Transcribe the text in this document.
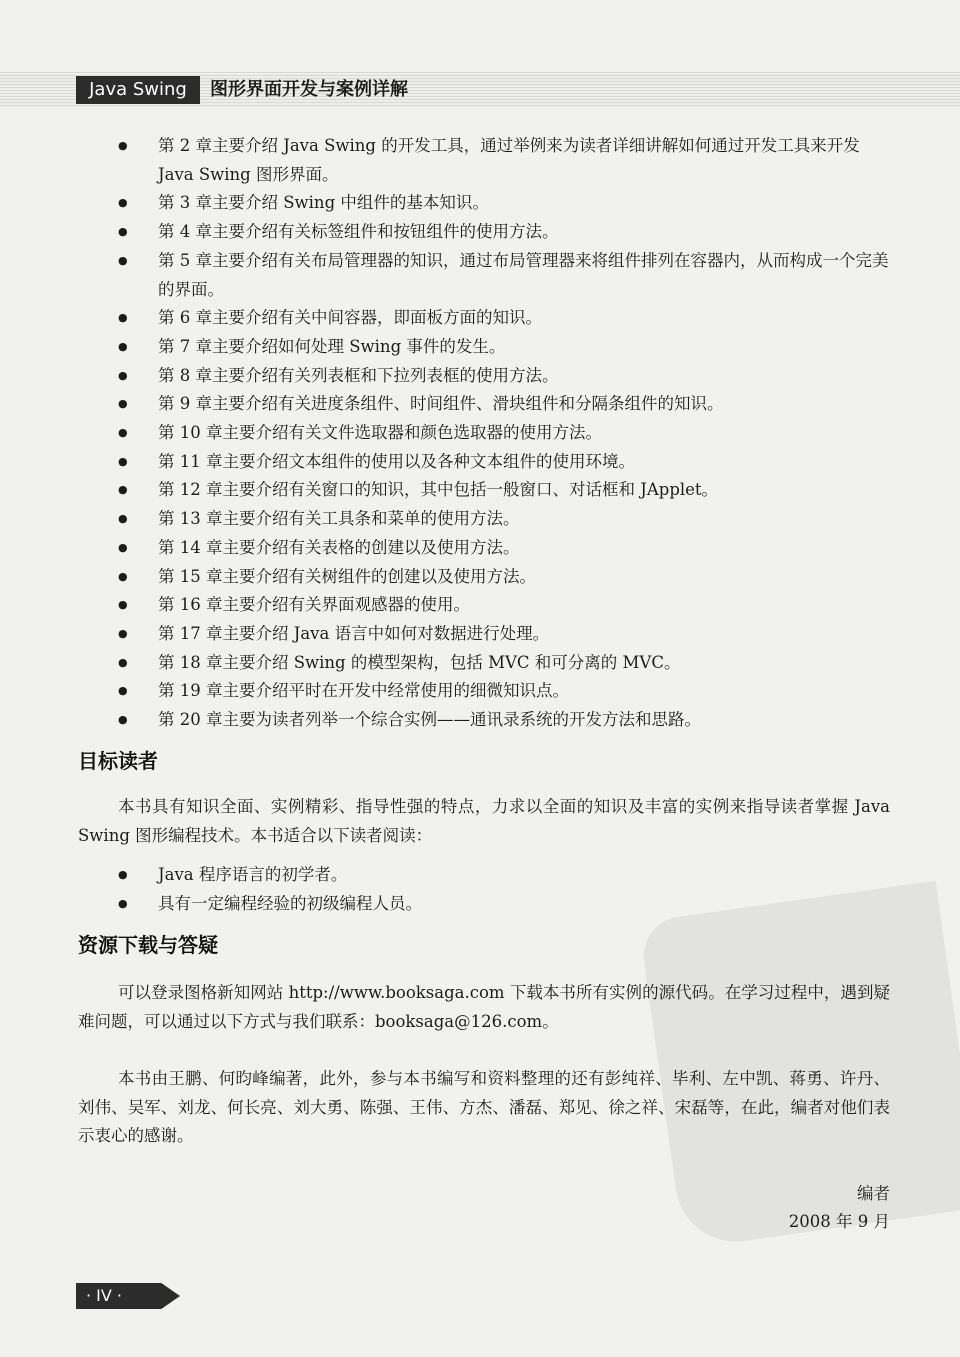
Java Swing	图形界面开发与案例详解
● 第 2 章主要介绍 Java Swing 的开发工具，通过举例来为读者详细讲解如何通过开发工具来开发 Java Swing 图形界面。
● 第 3 章主要介绍 Swing 中组件的基本知识。
● 第 4 章主要介绍有关标签组件和按钮组件的使用方法。
● 第 5 章主要介绍有关布局管理器的知识，通过布局管理器来将组件排列在容器内，从而构成一个完美的界面。
● 第 6 章主要介绍有关中间容器，即面板方面的知识。
● 第 7 章主要介绍如何处理 Swing 事件的发生。
● 第 8 章主要介绍有关列表框和下拉列表框的使用方法。
● 第 9 章主要介绍有关进度条组件、时间组件、滑块组件和分隔条组件的知识。
● 第 10 章主要介绍有关文件选取器和颜色选取器的使用方法。
● 第 11 章主要介绍文本组件的使用以及各种文本组件的使用环境。
● 第 12 章主要介绍有关窗口的知识，其中包括一般窗口、对话框和 JApplet。
● 第 13 章主要介绍有关工具条和菜单的使用方法。
● 第 14 章主要介绍有关表格的创建以及使用方法。
● 第 15 章主要介绍有关树组件的创建以及使用方法。
● 第 16 章主要介绍有关界面观感器的使用。
● 第 17 章主要介绍 Java 语言中如何对数据进行处理。
● 第 18 章主要介绍 Swing 的模型架构，包括 MVC 和可分离的 MVC。
● 第 19 章主要介绍平时在开发中经常使用的细微知识点。
● 第 20 章主要为读者列举一个综合实例——通讯录系统的开发方法和思路。
目标读者
本书具有知识全面、实例精彩、指导性强的特点，力求以全面的知识及丰富的实例来指导读者掌握 Java Swing 图形编程技术。本书适合以下读者阅读：
● Java 程序语言的初学者。
● 具有一定编程经验的初级编程人员。
资源下载与答疑
可以登录图格新知网站 http://www.booksaga.com 下载本书所有实例的源代码。在学习过程中，遇到疑难问题，可以通过以下方式与我们联系：booksaga@126.com。
本书由王鹏、何昀峰编著，此外，参与本书编写和资料整理的还有彭纯祥、毕利、左中凯、蒋勇、许丹、刘伟、吴军、刘龙、何长亮、刘大勇、陈强、王伟、方杰、潘磊、郑见、徐之祥、宋磊等，在此，编者对他们表示衷心的感谢。
编者
2008 年 9 月
· IV ·
